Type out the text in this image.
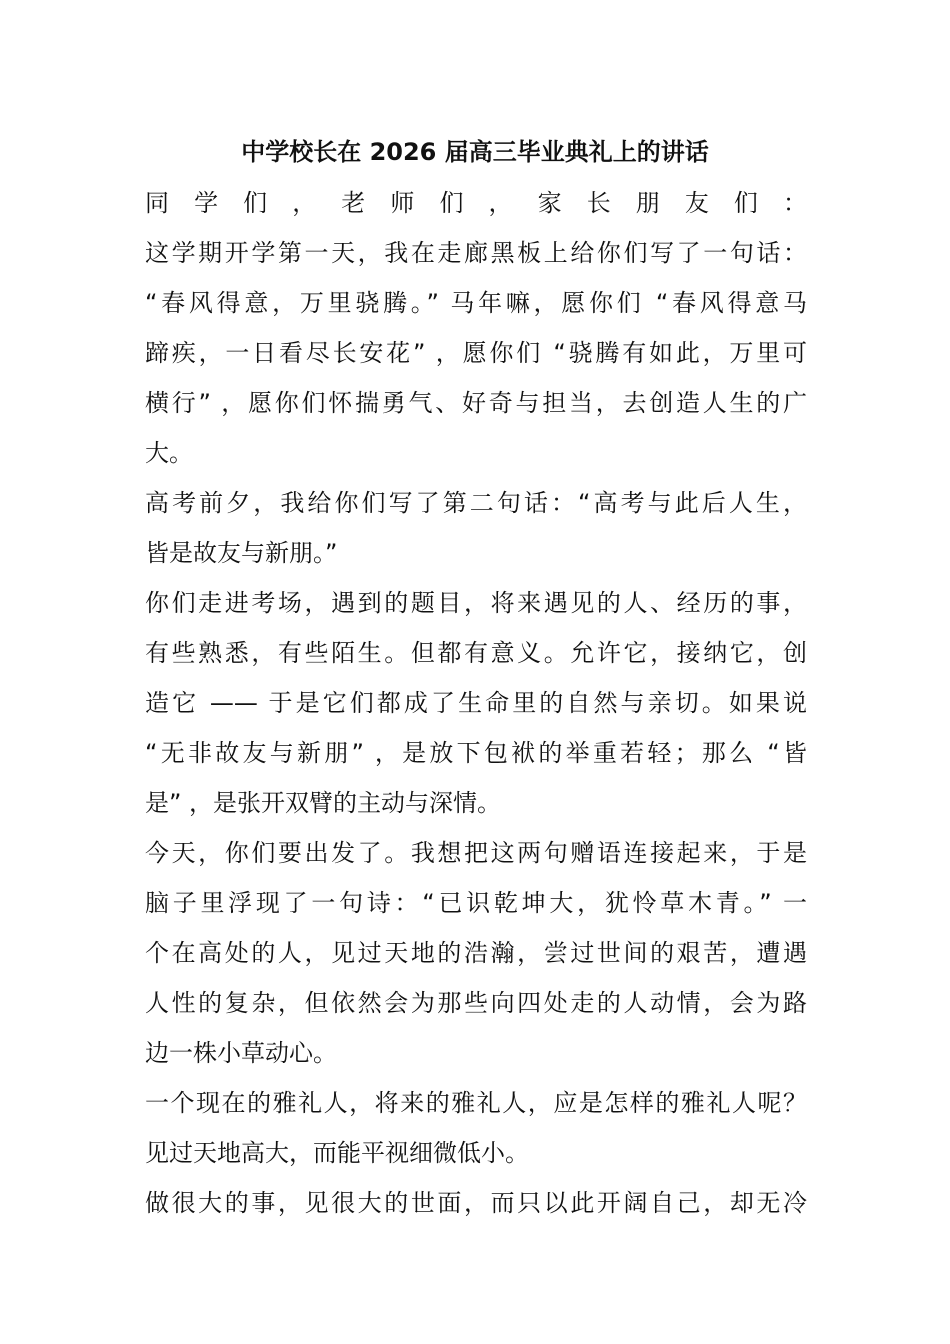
中学校长在 2026 届高三毕业典礼上的讲话
同学们，老师们，家长朋友们：
这学期开学第一天，我在走廊黑板上给你们写了一句话：
“春风得意，万里骁腾。” 马年嘛，愿你们 “春风得意马
蹄疾，一日看尽长安花” ，愿你们 “骁腾有如此，万里可
横行” ，愿你们怀揣勇气、好奇与担当，去创造人生的广
大。
高考前夕，我给你们写了第二句话：“高考与此后人生，
皆是故友与新朋。”
你们走进考场，遇到的题目，将来遇见的人、经历的事，
有些熟悉，有些陌生。但都有意义。允许它，接纳它，创
造它 —— 于是它们都成了生命里的自然与亲切。如果说
“无非故友与新朋” ，是放下包袱的举重若轻；那么 “皆
是” ，是张开双臂的主动与深情。
今天，你们要出发了。我想把这两句赠语连接起来，于是
脑子里浮现了一句诗：“已识乾坤大，犹怜草木青。” 一
个在高处的人，见过天地的浩瀚，尝过世间的艰苦，遭遇
人性的复杂，但依然会为那些向四处走的人动情，会为路
边一株小草动心。
一个现在的雅礼人，将来的雅礼人，应是怎样的雅礼人呢？
见过天地高大，而能平视细微低小。
做很大的事，见很大的世面，而只以此开阔自己，却无冷
